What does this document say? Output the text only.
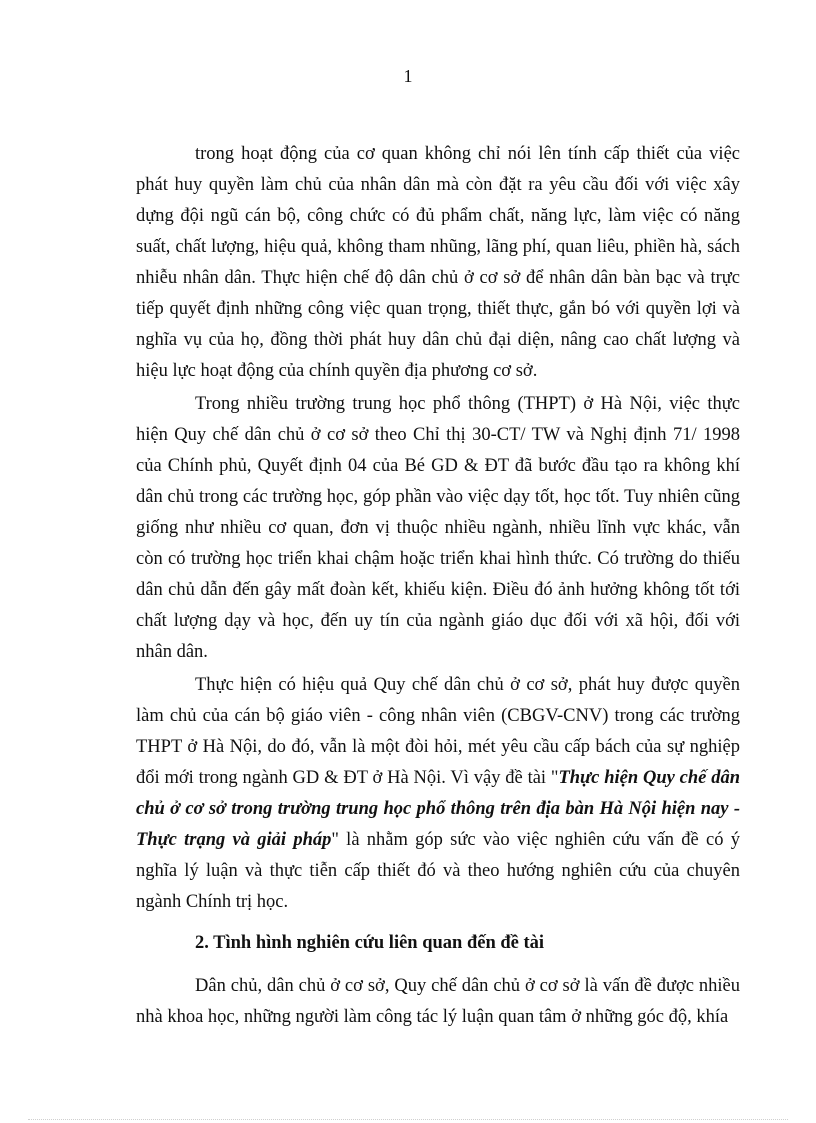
1

trong hoạt động của cơ quan không chỉ nói lên tính cấp thiết của việc phát huy quyền làm chủ của nhân dân mà còn đặt ra yêu cầu đối với việc xây dựng đội ngũ cán bộ, công chức có đủ phẩm chất, năng lực, làm việc có năng suất, chất lượng, hiệu quả, không tham nhũng, lãng phí, quan liêu, phiền hà, sách nhiễu nhân dân. Thực hiện chế độ dân chủ ở cơ sở để nhân dân bàn bạc và trực tiếp quyết định những công việc quan trọng, thiết thực, gắn bó với quyền lợi và nghĩa vụ của họ, đồng thời phát huy dân chủ đại diện, nâng cao chất lượng và hiệu lực hoạt động của chính quyền địa phương cơ sở.

Trong nhiều trường trung học phổ thông (THPT) ở Hà Nội, việc thực hiện Quy chế dân chủ ở cơ sở theo Chỉ thị 30-CT/ TW và Nghị định 71/ 1998 của Chính phủ, Quyết định 04 của Bé GD & ĐT đã bước đầu tạo ra không khí dân chủ trong các trường học, góp phần vào việc dạy tốt, học tốt. Tuy nhiên cũng giống như nhiều cơ quan, đơn vị thuộc nhiều ngành, nhiều lĩnh vực khác, vẫn còn có trường học triển khai chậm hoặc triển khai hình thức. Có trường do thiếu dân chủ dẫn đến gây mất đoàn kết, khiếu kiện. Điều đó ảnh hưởng không tốt tới chất lượng dạy và học, đến uy tín của ngành giáo dục đối với xã hội, đối với nhân dân.

Thực hiện có hiệu quả Quy chế dân chủ ở cơ sở, phát huy được quyền làm chủ của cán bộ giáo viên - công nhân viên (CBGV-CNV) trong các trường THPT ở Hà Nội, do đó, vẫn là một đòi hỏi, mét yêu cầu cấp bách của sự nghiệp đổi mới trong ngành GD & ĐT ở Hà Nội. Vì vậy đề tài "Thực hiện Quy chế dân chủ ở cơ sở trong trường trung học phổ thông trên địa bàn Hà Nội hiện nay - Thực trạng và giải pháp" là nhằm góp sức vào việc nghiên cứu vấn đề có ý nghĩa lý luận và thực tiễn cấp thiết đó và theo hướng nghiên cứu của chuyên ngành Chính trị học.

2. Tình hình nghiên cứu liên quan đến đề tài

Dân chủ, dân chủ ở cơ sở, Quy chế dân chủ ở cơ sở là vấn đề được nhiều nhà khoa học, những người làm công tác lý luận quan tâm ở những góc độ, khía
